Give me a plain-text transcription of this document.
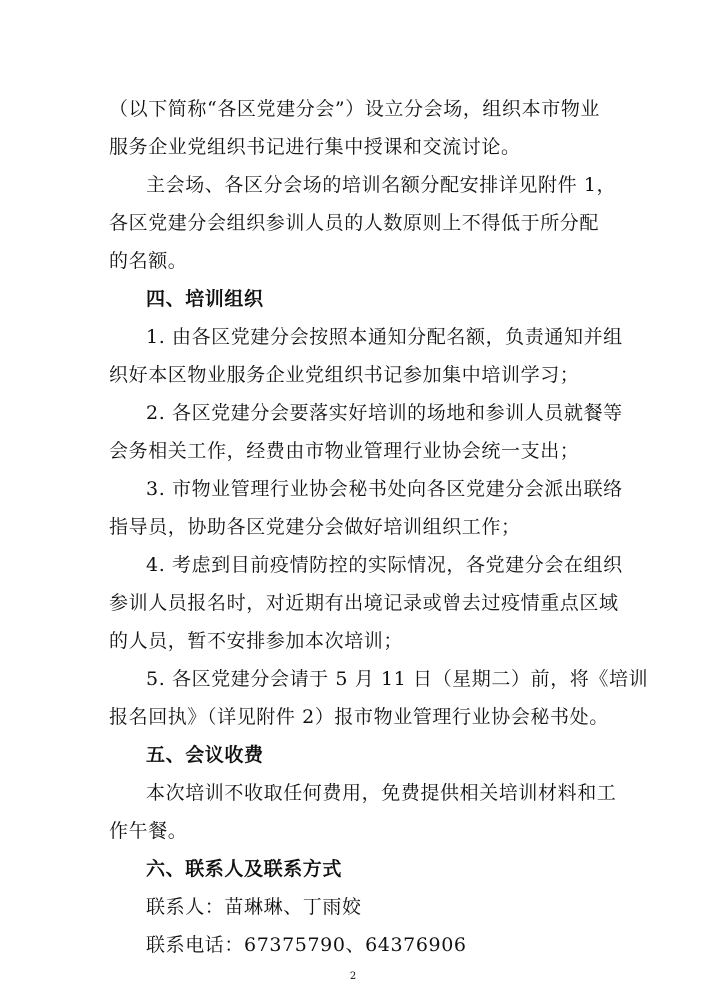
（以下简称“各区党建分会”）设立分会场，组织本市物业
服务企业党组织书记进行集中授课和交流讨论。
主会场、各区分会场的培训名额分配安排详见附件 1，
各区党建分会组织参训人员的人数原则上不得低于所分配
的名额。
四、培训组织
1. 由各区党建分会按照本通知分配名额，负责通知并组
织好本区物业服务企业党组织书记参加集中培训学习；
2. 各区党建分会要落实好培训的场地和参训人员就餐等
会务相关工作，经费由市物业管理行业协会统一支出；
3. 市物业管理行业协会秘书处向各区党建分会派出联络
指导员，协助各区党建分会做好培训组织工作；
4. 考虑到目前疫情防控的实际情况，各党建分会在组织
参训人员报名时，对近期有出境记录或曾去过疫情重点区域
的人员，暂不安排参加本次培训；
5. 各区党建分会请于 5 月 11 日（星期二）前，将《培训
报名回执》（详见附件 2）报市物业管理行业协会秘书处。
五、会议收费
本次培训不收取任何费用，免费提供相关培训材料和工
作午餐。
六、联系人及联系方式
联系人：苗琳琳、丁雨姣
联系电话：67375790、64376906
2
